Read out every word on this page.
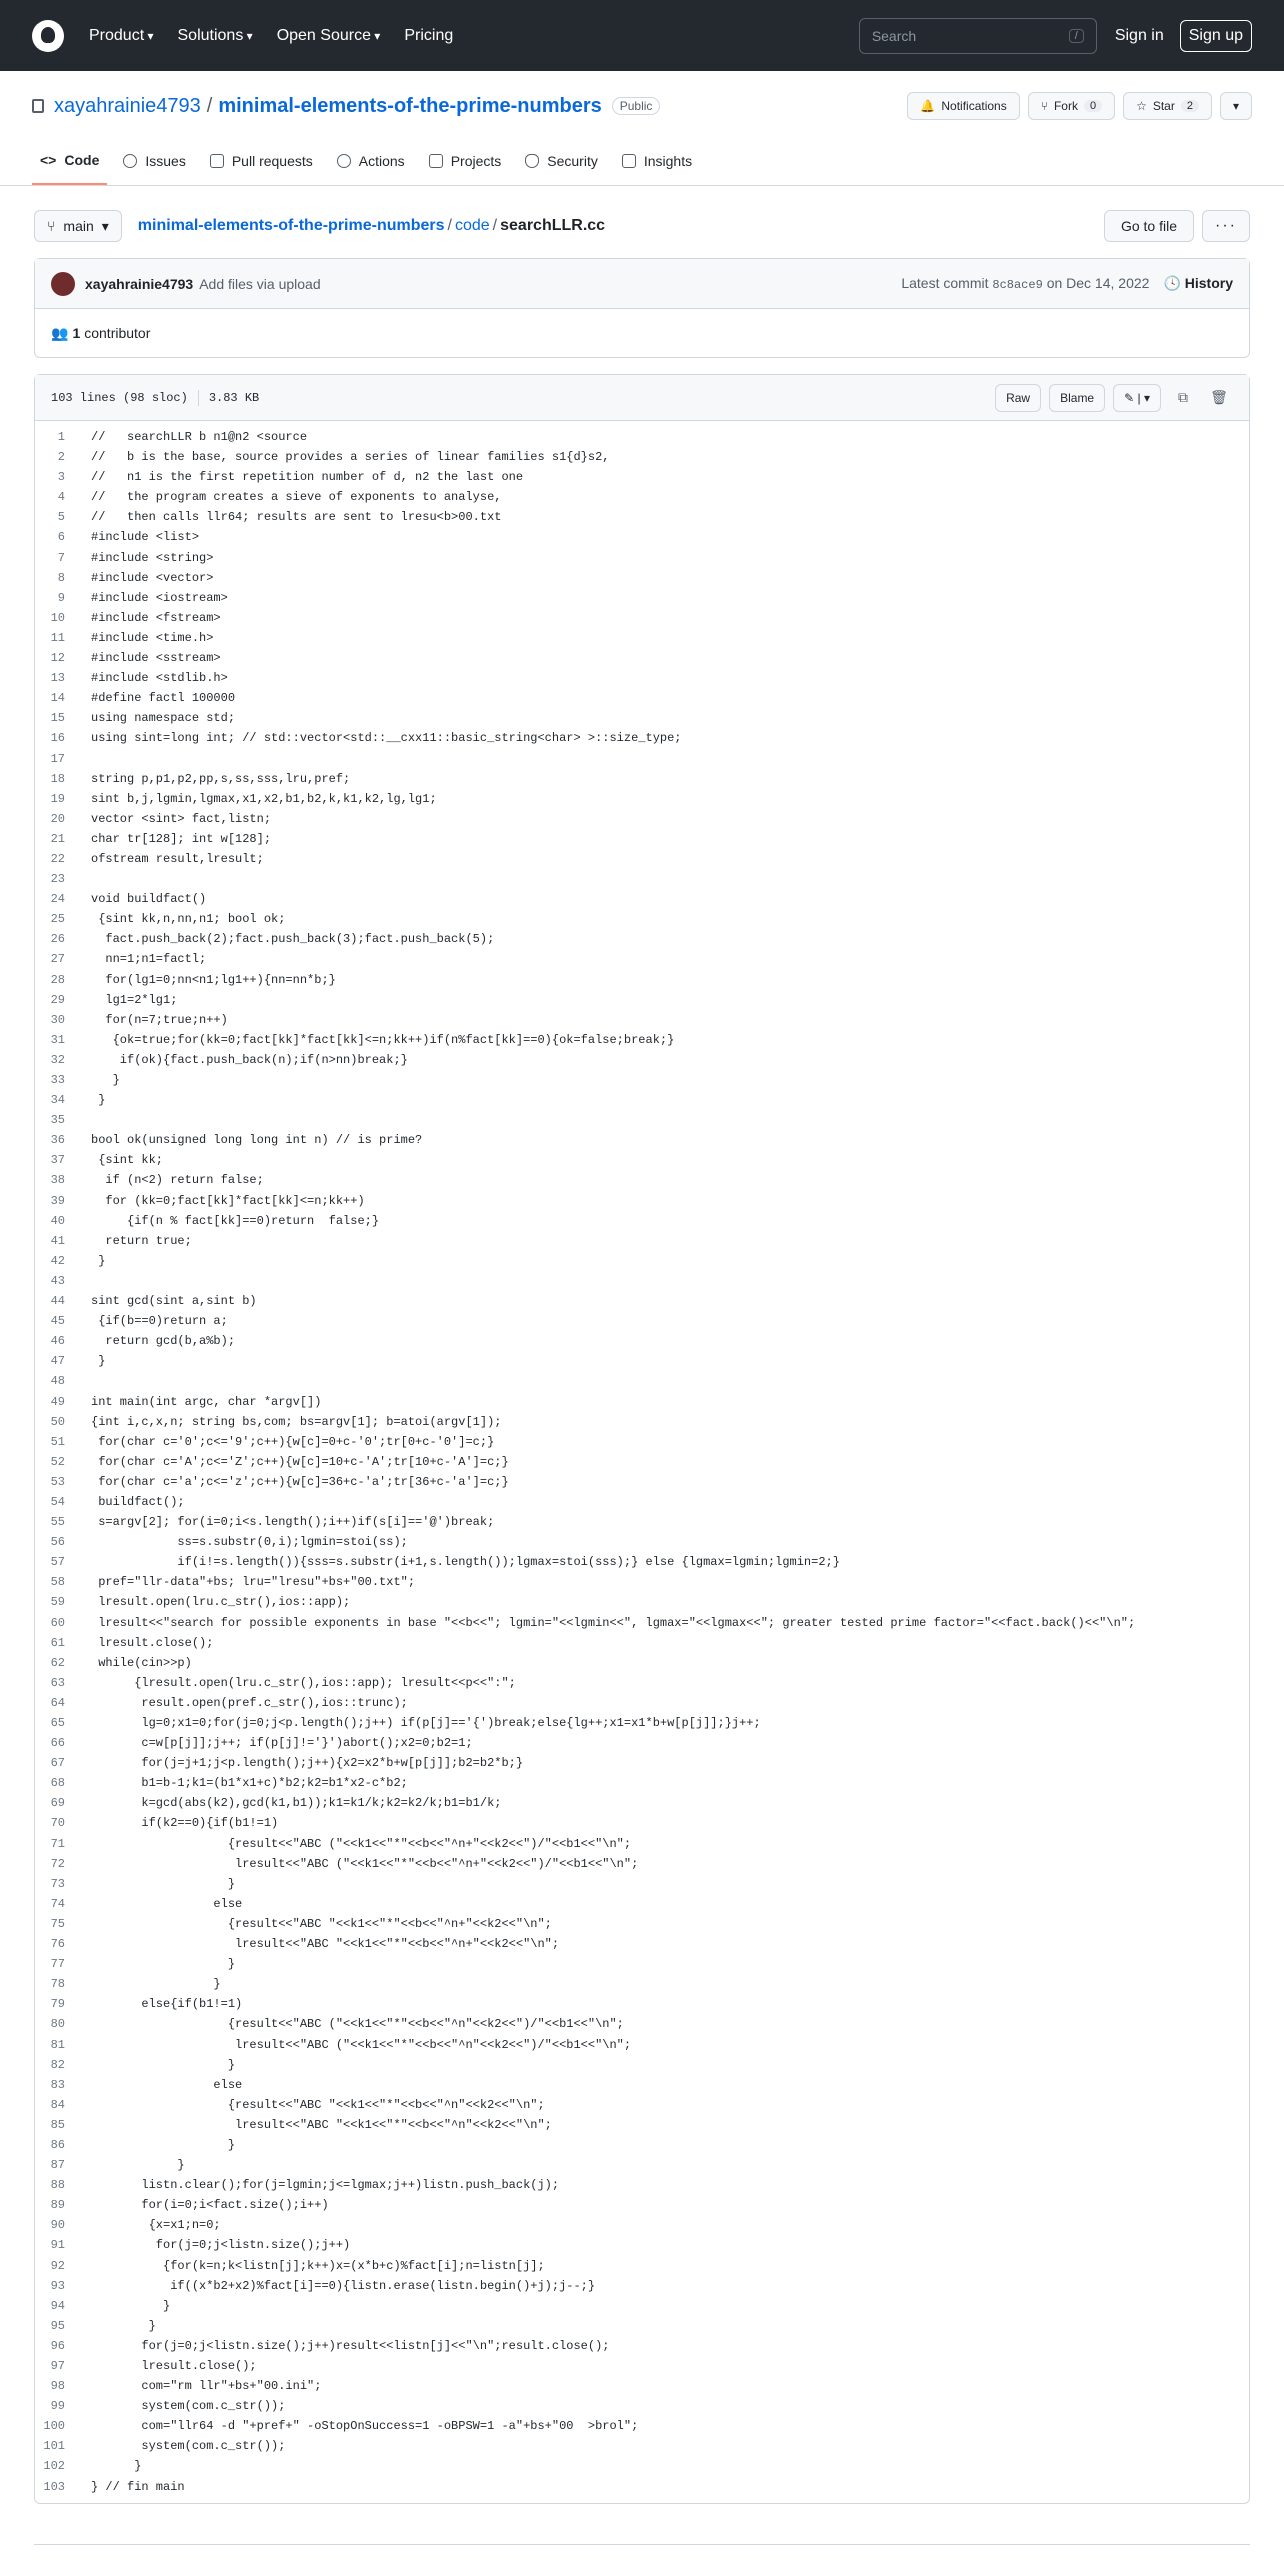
Product ▾	Solutions ▾	Open Source ▾	Pricing	Search	/	Sign in	Sign up
xayahrainie4793 / minimal-elements-of-the-prime-numbers	Public	🔔 Notifications	⑂ Fork	0	☆ Star	2	▾
<> Code	Issues	Pull requests	Actions	Projects	Security	Insights
⑂ main ▾ minimal-elements-of-the-prime-numbers / code / searchLLR.cc	Go to file	···
xayahrainie4793 Add files via upload	Latest commit 8c8ace9 on Dec 14, 2022 🕓 History
👥 1 contributor
103 lines (98 sloc) 3.83 KB	Raw	Blame	✎ | ▾	⧉	🗑
1	//   searchLLR b n1@n2 <source
2	//   b is the base, source provides a series of linear families s1{d}s2,
3	//   n1 is the first repetition number of d, n2 the last one
4	//   the program creates a sieve of exponents to analyse,
5	//   then calls llr64; results are sent to lresu<b>00.txt
6	#include <list>
7	#include <string>
8	#include <vector>
9	#include <iostream>
10	#include <fstream>
11	#include <time.h>
12	#include <sstream>
13	#include <stdlib.h>
14	#define factl 100000
15	using namespace std;
16	using sint=long int; // std::vector<std::__cxx11::basic_string<char> >::size_type;
17
18	string p,p1,p2,pp,s,ss,sss,lru,pref;
19	sint b,j,lgmin,lgmax,x1,x2,b1,b2,k,k1,k2,lg,lg1;
20	vector <sint> fact,listn;
21	char tr[128]; int w[128];
22	ofstream result,lresult;
23
24	void buildfact()
25	{sint kk,n,nn,n1; bool ok;
26	fact.push_back(2);fact.push_back(3);fact.push_back(5);
27	nn=1;n1=factl;
28	for(lg1=0;nn<n1;lg1++){nn=nn*b;}
29	lg1=2*lg1;
30	for(n=7;true;n++)
31	{ok=true;for(kk=0;fact[kk]*fact[kk]<=n;kk++)if(n%fact[kk]==0){ok=false;break;}
32	if(ok){fact.push_back(n);if(n>nn)break;}
33	}
34	}
35
36	bool ok(unsigned long long int n) // is prime?
37	{sint kk;
38	if (n<2) return false;
39	for (kk=0;fact[kk]*fact[kk]<=n;kk++)
40	{if(n % fact[kk]==0)return  false;}
41	return true;
42	}
43
44	sint gcd(sint a,sint b)
45	{if(b==0)return a;
46	return gcd(b,a%b);
47	}
48
49	int main(int argc, char *argv[])
50	{int i,c,x,n; string bs,com; bs=argv[1]; b=atoi(argv[1]);
51	for(char c='0';c<='9';c++){w[c]=0+c-'0';tr[0+c-'0']=c;}
52	for(char c='A';c<='Z';c++){w[c]=10+c-'A';tr[10+c-'A']=c;}
53	for(char c='a';c<='z';c++){w[c]=36+c-'a';tr[36+c-'a']=c;}
54	buildfact();
55	s=argv[2]; for(i=0;i<s.length();i++)if(s[i]=='@')break;
56	ss=s.substr(0,i);lgmin=stoi(ss);
57	if(i!=s.length()){sss=s.substr(i+1,s.length());lgmax=stoi(sss);} else {lgmax=lgmin;lgmin=2;}
58	pref="llr-data"+bs; lru="lresu"+bs+"00.txt";
59	lresult.open(lru.c_str(),ios::app);
60	lresult<<"search for possible exponents in base "<<b<<"; lgmin="<<lgmin<<", lgmax="<<lgmax<<"; greater tested prime factor="<<fact.back()<<"\n";
61	lresult.close();
62	while(cin>>p)
63	{lresult.open(lru.c_str(),ios::app); lresult<<p<<":";
64	result.open(pref.c_str(),ios::trunc);
65	lg=0;x1=0;for(j=0;j<p.length();j++) if(p[j]=='{')break;else{lg++;x1=x1*b+w[p[j]];}j++;
66	c=w[p[j]];j++; if(p[j]!='}')abort();x2=0;b2=1;
67	for(j=j+1;j<p.length();j++){x2=x2*b+w[p[j]];b2=b2*b;}
68	b1=b-1;k1=(b1*x1+c)*b2;k2=b1*x2-c*b2;
69	k=gcd(abs(k2),gcd(k1,b1));k1=k1/k;k2=k2/k;b1=b1/k;
70	if(k2==0){if(b1!=1)
71	{result<<"ABC ("<<k1<<"*"<<b<<"^n+"<<k2<<")/"<<b1<<"\n";
72	lresult<<"ABC ("<<k1<<"*"<<b<<"^n+"<<k2<<")/"<<b1<<"\n";
73	}
74	else
75	{result<<"ABC "<<k1<<"*"<<b<<"^n+"<<k2<<"\n";
76	lresult<<"ABC "<<k1<<"*"<<b<<"^n+"<<k2<<"\n";
77	}
78	}
79	else{if(b1!=1)
80	{result<<"ABC ("<<k1<<"*"<<b<<"^n"<<k2<<")/"<<b1<<"\n";
81	lresult<<"ABC ("<<k1<<"*"<<b<<"^n"<<k2<<")/"<<b1<<"\n";
82	}
83	else
84	{result<<"ABC "<<k1<<"*"<<b<<"^n"<<k2<<"\n";
85	lresult<<"ABC "<<k1<<"*"<<b<<"^n"<<k2<<"\n";
86	}
87	}
88	listn.clear();for(j=lgmin;j<=lgmax;j++)listn.push_back(j);
89	for(i=0;i<fact.size();i++)
90	{x=x1;n=0;
91	for(j=0;j<listn.size();j++)
92	{for(k=n;k<listn[j];k++)x=(x*b+c)%fact[i];n=listn[j];
93	if((x*b2+x2)%fact[i]==0){listn.erase(listn.begin()+j);j--;}
94	}
95	}
96	for(j=0;j<listn.size();j++)result<<listn[j]<<"\n";result.close();
97	lresult.close();
98	com="rm llr"+bs+"00.ini";
99	system(com.c_str());
100	com="llr64 -d "+pref+" -oStopOnSuccess=1 -oBPSW=1 -a"+bs+"00  >brol";
101	system(com.c_str());
102	}
103	} // fin main
